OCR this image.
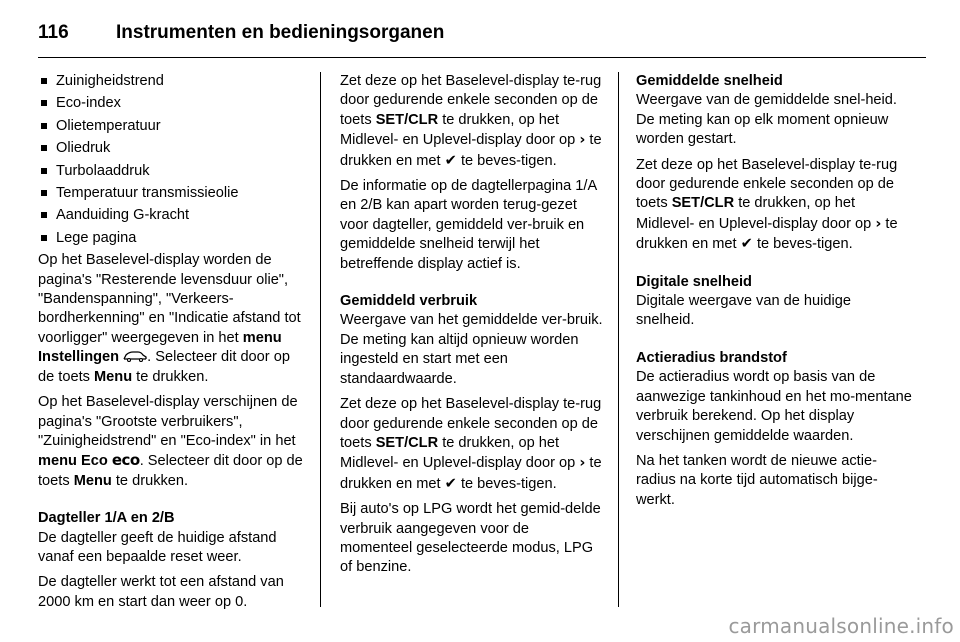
116 Instrumenten en bedieningsorganen
Zuinigheidstrend
Eco-index
Olietemperatuur
Oliedruk
Turbolaaddruk
Temperatuur transmissieolie
Aanduiding G-kracht
Lege pagina

Op het Baselevel-display worden de pagina's "Resterende levensduur olie", "Bandenspanning", "Verkeers-bordherkenning" en "Indicatie afstand tot voorligger" weergegeven in het menu Instellingen . Selecteer dit door op de toets Menu te drukken.

Op het Baselevel-display verschijnen de pagina's "Grootste verbruikers", "Zuinigheidstrend" en "Eco-index" in het menu Eco eco. Selecteer dit door op de toets Menu te drukken.

Dagteller 1/A en 2/B

De dagteller geeft de huidige afstand vanaf een bepaalde reset weer.

De dagteller werkt tot een afstand van 2000 km en start dan weer op 0.

Zet deze op het Baselevel-display te-rug door gedurende enkele seconden op de toets SET/CLR te drukken, op het Midlevel- en Uplevel-display door op › te drukken en met ✔ te beves-tigen.

De informatie op de dagtellerpagina 1/A en 2/B kan apart worden terug-gezet voor dagteller, gemiddeld ver-bruik en gemiddelde snelheid terwijl het betreffende display actief is.

Gemiddeld verbruik

Weergave van het gemiddelde ver-bruik. De meting kan altijd opnieuw worden ingesteld en start met een standaardwaarde.

Zet deze op het Baselevel-display te-rug door gedurende enkele seconden op de toets SET/CLR te drukken, op het Midlevel- en Uplevel-display door op › te drukken en met ✔ te beves-tigen.

Bij auto's op LPG wordt het gemid-delde verbruik aangegeven voor de momenteel geselecteerde modus, LPG of benzine.

Gemiddelde snelheid

Weergave van de gemiddelde snel-heid. De meting kan op elk moment opnieuw worden gestart.

Zet deze op het Baselevel-display te-rug door gedurende enkele seconden op de toets SET/CLR te drukken, op het Midlevel- en Uplevel-display door op › te drukken en met ✔ te beves-tigen.

Digitale snelheid

Digitale weergave van de huidige snelheid.

Actieradius brandstof

De actieradius wordt op basis van de aanwezige tankinhoud en het mo-mentane verbruik berekend. Op het display verschijnen gemiddelde waarden.

Na het tanken wordt de nieuwe actie-radius na korte tijd automatisch bijge-werkt.

carmanualsonline.info
